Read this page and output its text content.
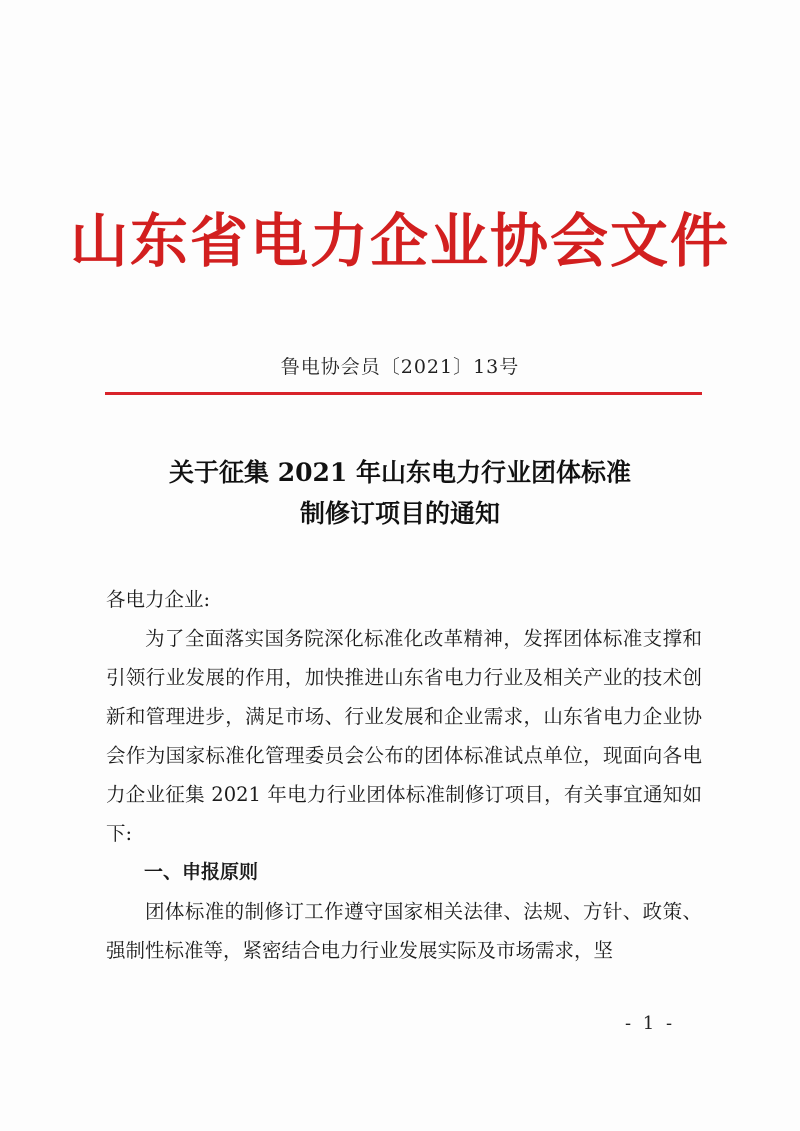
山东省电力企业协会文件
鲁电协会员〔2021〕13号
关于征集 2021 年山东电力行业团体标准
制修订项目的通知

各电力企业:

为了全面落实国务院深化标准化改革精神，发挥团体标准支撑和引领行业发展的作用，加快推进山东省电力行业及相关产业的技术创新和管理进步，满足市场、行业发展和企业需求，山东省电力企业协会作为国家标准化管理委员会公布的团体标准试点单位，现面向各电力企业征集 2021 年电力行业团体标准制修订项目，有关事宜通知如下:

一、申报原则

团体标准的制修订工作遵守国家相关法律、法规、方针、政策、强制性标准等，紧密结合电力行业发展实际及市场需求，坚

- 1 -
